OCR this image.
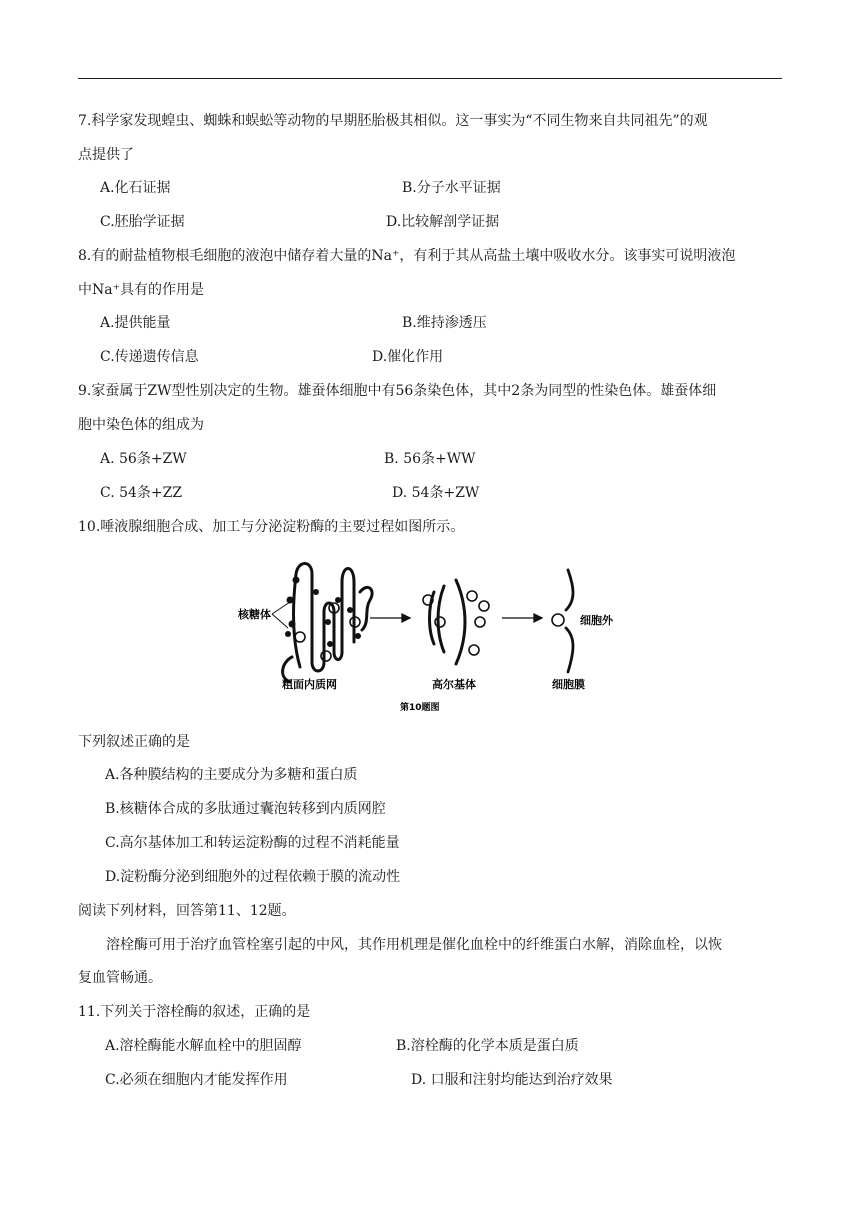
7.科学家发现蝗虫、蜘蛛和蜈蚣等动物的早期胚胎极其相似。这一事实为“不同生物来自共同祖先”的观
点提供了
A.化石证据	B.分子水平证据
C.胚胎学证据	D.比较解剖学证据
8.有的耐盐植物根毛细胞的液泡中储存着大量的Na⁺，有利于其从高盐土壤中吸收水分。该事实可说明液泡
中Na⁺具有的作用是
A.提供能量	B.维持渗透压
C.传递遗传信息	D.催化作用
9.家蚕属于ZW型性别决定的生物。雄蚕体细胞中有56条染色体，其中2条为同型的性染色体。雄蚕体细
胞中染色体的组成为
A. 56条+ZW	B. 56条+WW
C. 54条+ZZ	D. 54条+ZW
10.唾液腺细胞合成、加工与分泌淀粉酶的主要过程如图所示。
核糖体
粗面内质网	高尔基体
细胞外
细胞膜
第10题图
下列叙述正确的是
A.各种膜结构的主要成分为多糖和蛋白质
B.核糖体合成的多肽通过囊泡转移到内质网腔
C.高尔基体加工和转运淀粉酶的过程不消耗能量
D.淀粉酶分泌到细胞外的过程依赖于膜的流动性
阅读下列材料，回答第11、12题。
溶栓酶可用于治疗血管栓塞引起的中风，其作用机理是催化血栓中的纤维蛋白水解，消除血栓，以恢
复血管畅通。
11.下列关于溶栓酶的叙述，正确的是
A.溶栓酶能水解血栓中的胆固醇	B.溶栓酶的化学本质是蛋白质
C.必须在细胞内才能发挥作用	D. 口服和注射均能达到治疗效果
